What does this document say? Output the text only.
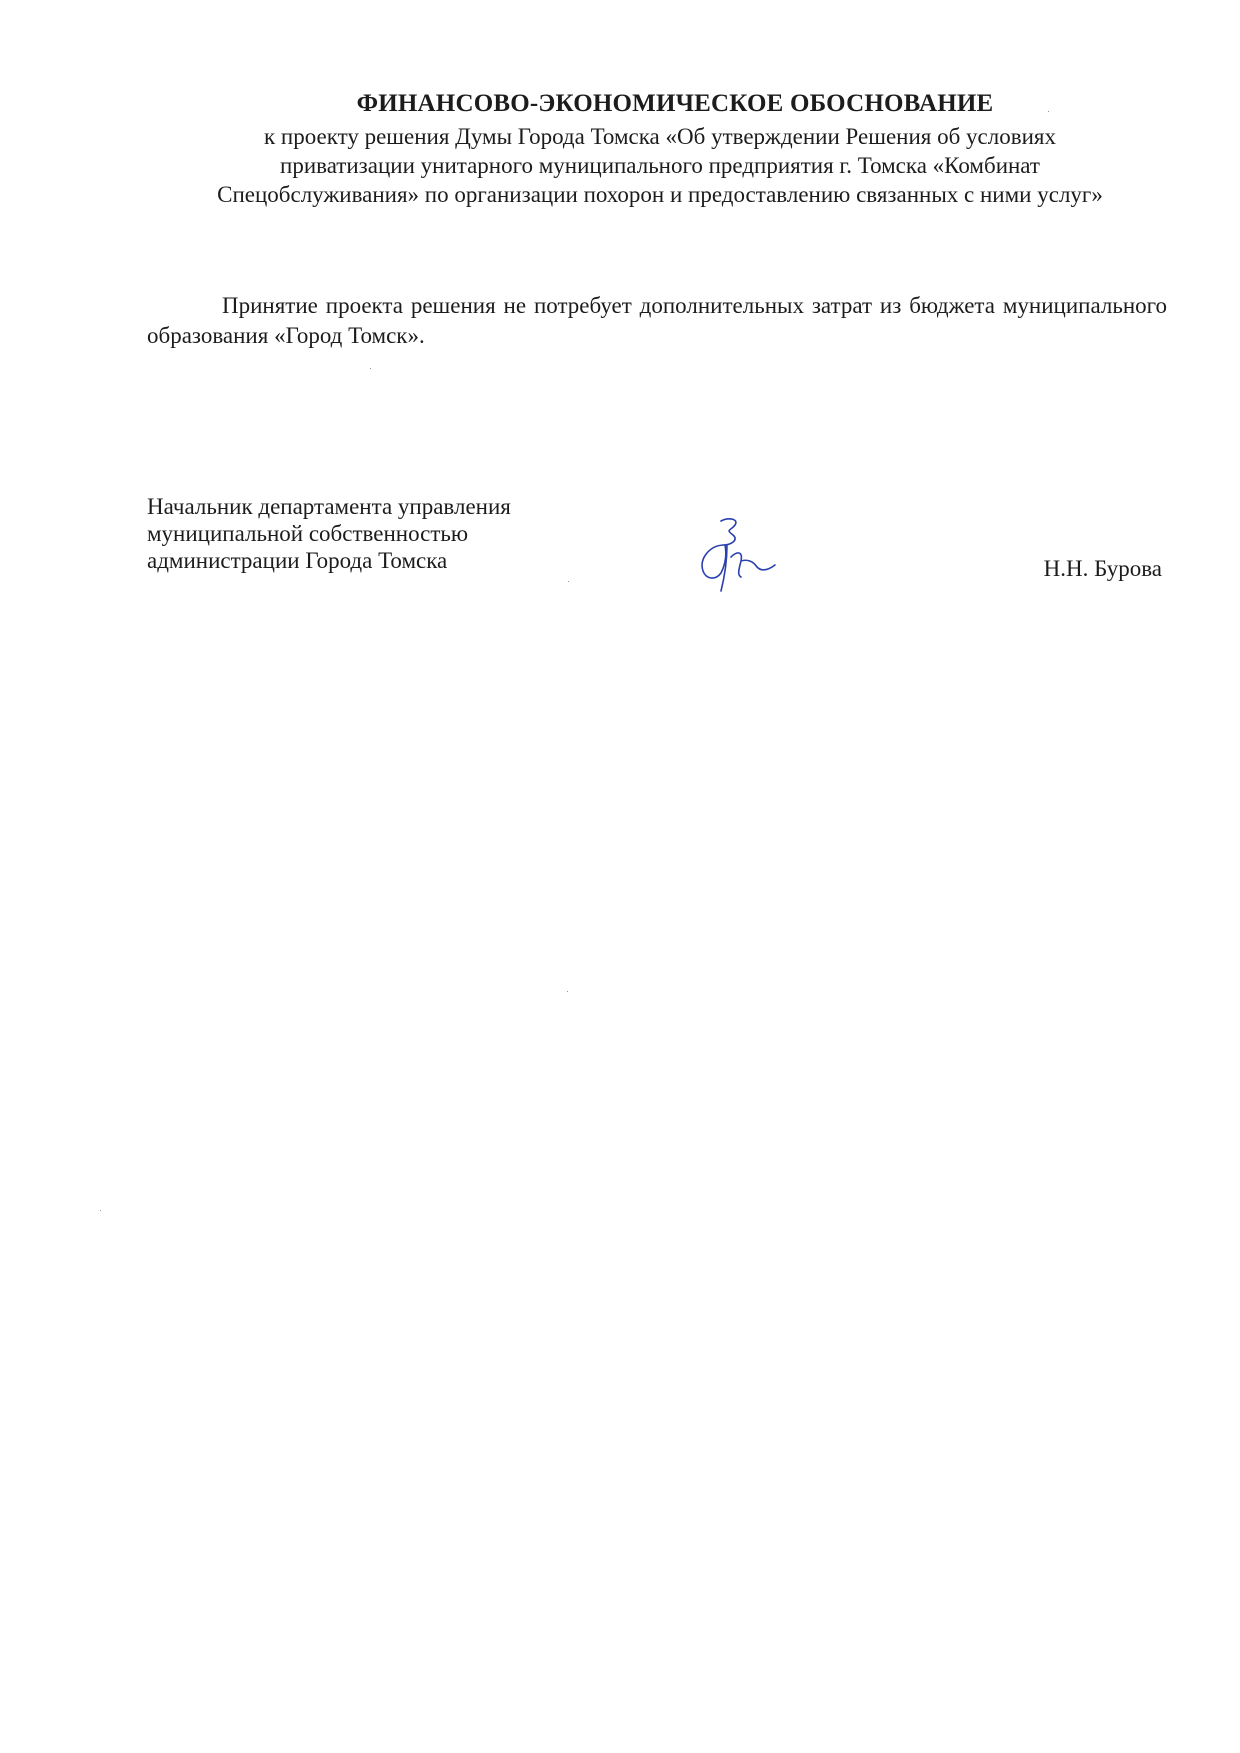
ФИНАНСОВО-ЭКОНОМИЧЕСКОЕ ОБОСНОВАНИЕ

к проекту решения Думы Города Томска «Об утверждении Решения об условиях
приватизации унитарного муниципального предприятия г. Томска «Комбинат
Спецобслуживания» по организации похорон и предоставлению связанных с ними услуг»

Принятие проекта решения не потребует дополнительных затрат из бюджета муниципального образования «Город Томск».

Начальник департамента управления
муниципальной собственностью
администрации Города Томска	Н.Н. Бурова
